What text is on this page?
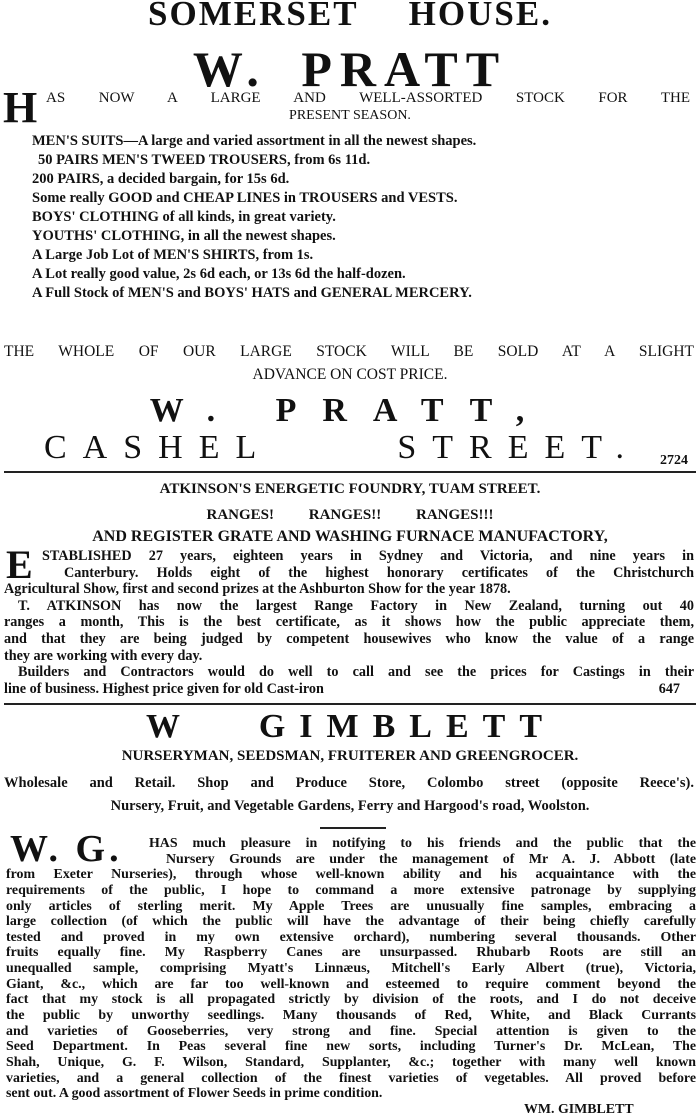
SOMERSET HOUSE.
W. PRATT
H AS NOW A LARGE AND WELL-ASSORTED STOCK FOR THE
PRESENT SEASON.
MEN'S SUITS—A large and varied assortment in all the newest shapes.
50 PAIRS MEN'S TWEED TROUSERS, from 6s 11d.
200 PAIRS, a decided bargain, for 15s 6d.
Some really GOOD and CHEAP LINES in TROUSERS and VESTS.
BOYS' CLOTHING of all kinds, in great variety.
YOUTHS' CLOTHING, in all the newest shapes.
A Large Job Lot of MEN'S SHIRTS, from 1s.
A Lot really good value, 2s 6d each, or 13s 6d the half-dozen.
A Full Stock of MEN'S and BOYS' HATS and GENERAL MERCERY.
THE WHOLE OF OUR LARGE STOCK WILL BE SOLD AT A SLIGHT
ADVANCE ON COST PRICE.
W. PRATT,
CASHEL STREET. 2724
ATKINSON'S ENERGETIC FOUNDRY, TUAM STREET.
RANGES! RANGES!! RANGES!!!
AND REGISTER GRATE AND WASHING FURNACE MANUFACTORY,
E STABLISHED 27 years, eighteen years in Sydney and Victoria, and nine years in
Canterbury. Holds eight of the highest honorary certificates of the Christchurch
Agricultural Show, first and second prizes at the Ashburton Show for the year 1878.
T. ATKINSON has now the largest Range Factory in New Zealand, turning out 40
ranges a month, This is the best certificate, as it shows how the public appreciate them,
and that they are being judged by competent housewives who know the value of a range
they are working with every day.
Builders and Contractors would do well to call and see the prices for Castings in their
line of business. Highest price given for old Cast-iron	647
W GIMBLETT
NURSERYMAN, SEEDSMAN, FRUITERER AND GREENGROCER.
Wholesale and Retail. Shop and Produce Store, Colombo street (opposite Reece's).
Nursery, Fruit, and Vegetable Gardens, Ferry and Hargood's road, Woolston.
W. G. HAS much pleasure in notifying to his friends and the public that the
Nursery Grounds are under the management of Mr A. J. Abbott (late
from Exeter Nurseries), through whose well-known ability and his acquaintance with the
requirements of the public, I hope to command a more extensive patronage by supplying
only articles of sterling merit. My Apple Trees are unusually fine samples, embracing a
large collection (of which the public will have the advantage of their being chiefly carefully
tested and proved in my own extensive orchard), numbering several thousands. Other
fruits equally fine. My Raspberry Canes are unsurpassed. Rhubarb Roots are still an
unequalled sample, comprising Myatt's Linnæus, Mitchell's Early Albert (true), Victoria,
Giant, &c., which are far too well-known and esteemed to require comment beyond the
fact that my stock is all propagated strictly by division of the roots, and I do not deceive
the public by unworthy seedlings. Many thousands of Red, White, and Black Currants
and varieties of Gooseberries, very strong and fine. Special attention is given to the
Seed Department. In Peas several fine new sorts, including Turner's Dr. McLean, The
Shah, Unique, G. F. Wilson, Standard, Supplanter, &c.; together with many well known
varieties, and a general collection of the finest varieties of vegetables. All proved before
sent out. A good assortment of Flower Seeds in prime condition.
WM. GIMBLETT
